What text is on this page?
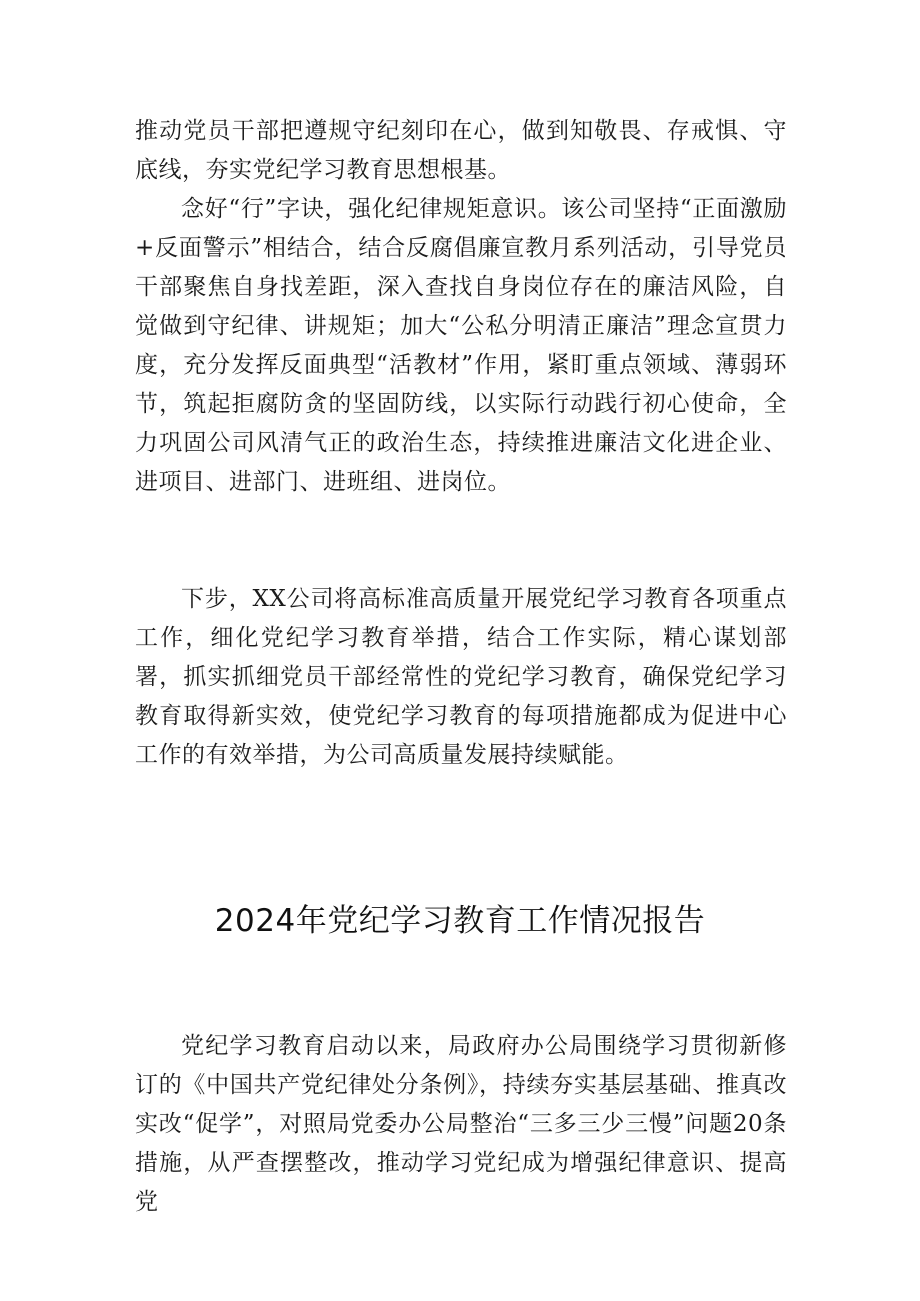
推动党员干部把遵规守纪刻印在心，做到知敬畏、存戒惧、守底线，夯实党纪学习教育思想根基。

念好“行”字诀，强化纪律规矩意识。该公司坚持“正面激励+反面警示”相结合，结合反腐倡廉宣教月系列活动，引导党员干部聚焦自身找差距，深入查找自身岗位存在的廉洁风险，自觉做到守纪律、讲规矩；加大“公私分明清正廉洁”理念宣贯力度，充分发挥反面典型“活教材”作用，紧盯重点领域、薄弱环节，筑起拒腐防贪的坚固防线，以实际行动践行初心使命，全力巩固公司风清气正的政治生态，持续推进廉洁文化进企业、进项目、进部门、进班组、进岗位。

下步，XX公司将高标准高质量开展党纪学习教育各项重点工作，细化党纪学习教育举措，结合工作实际，精心谋划部署，抓实抓细党员干部经常性的党纪学习教育，确保党纪学习教育取得新实效，使党纪学习教育的每项措施都成为促进中心工作的有效举措，为公司高质量发展持续赋能。

2024年党纪学习教育工作情况报告

党纪学习教育启动以来，局政府办公局围绕学习贯彻新修订的《中国共产党纪律处分条例》，持续夯实基层基础、推真改实改“促学”，对照局党委办公局整治“三多三少三慢”问题20条措施，从严查摆整改，推动学习党纪成为增强纪律意识、提高党
